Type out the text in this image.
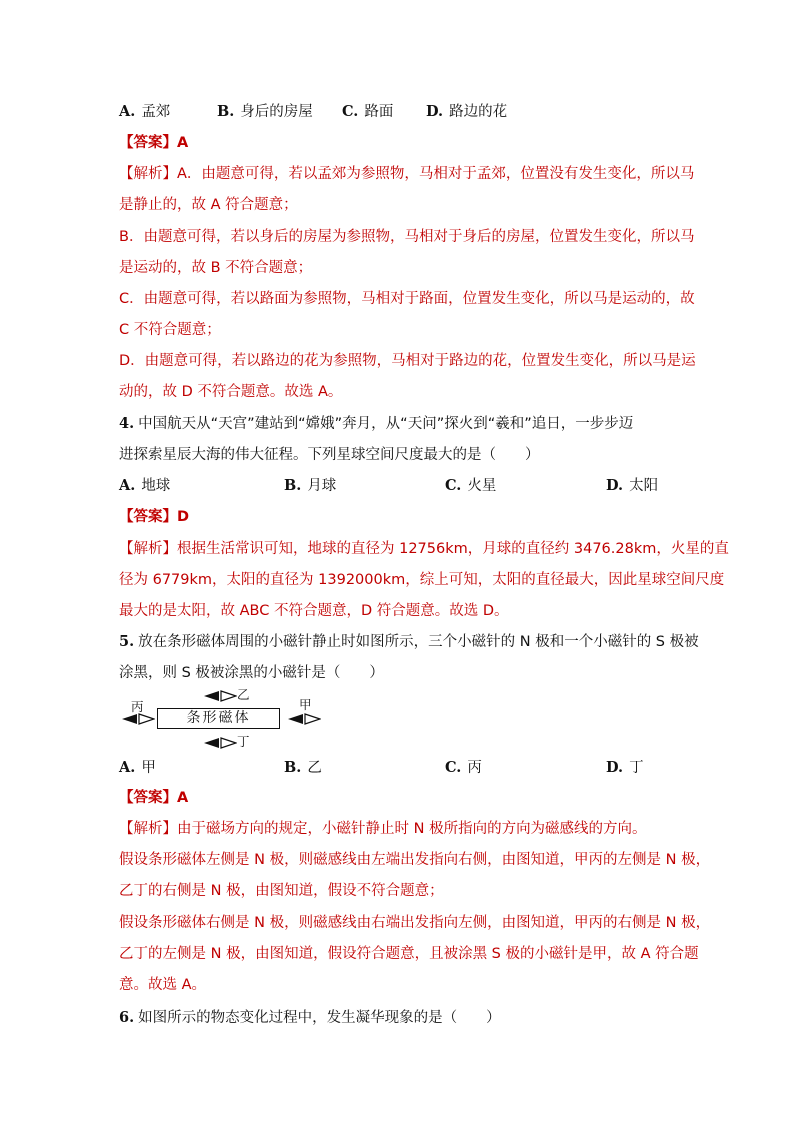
A. 孟郊	B. 身后的房屋 C. 路面 D. 路边的花
【答案】A
【解析】A．由题意可得，若以孟郊为参照物，马相对于孟郊，位置没有发生变化，所以马
是静止的，故 A 符合题意；
B．由题意可得，若以身后的房屋为参照物，马相对于身后的房屋，位置发生变化，所以马
是运动的，故 B 不符合题意；
C．由题意可得，若以路面为参照物，马相对于路面，位置发生变化，所以马是运动的，故
C 不符合题意；
D．由题意可得，若以路边的花为参照物，马相对于路边的花，位置发生变化，所以马是运
动的，故 D 不符合题意。故选 A。
4. 中国航天从“天宫”建站到“嫦娥”奔月，从“天问”探火到“羲和”追日，一步步迈
进探索星辰大海的伟大征程。下列星球空间尺度最大的是（　　）
A. 地球	B. 月球	C. 火星	D. 太阳
【答案】D
【解析】根据生活常识可知，地球的直径为 12756km，月球的直径约 3476.28km，火星的直
径为 6779km，太阳的直径为 1392000km，综上可知，太阳的直径最大，因此星球空间尺度
最大的是太阳，故 ABC 不符合题意，D 符合题意。故选 D。
5. 放在条形磁体周围的小磁针静止时如图所示，三个小磁针的 N 极和一个小磁针的 S 极被
涂黑，则 S 极被涂黑的小磁针是（　　）
条形磁体
乙
丙	甲
丁
A. 甲	B. 乙	C. 丙	D. 丁
【答案】A
【解析】由于磁场方向的规定，小磁针静止时 N 极所指向的方向为磁感线的方向。
假设条形磁体左侧是 N 极，则磁感线由左端出发指向右侧，由图知道，甲丙的左侧是 N 极，
乙丁的右侧是 N 极，由图知道，假设不符合题意；
假设条形磁体右侧是 N 极，则磁感线由右端出发指向左侧，由图知道，甲丙的右侧是 N 极，
乙丁的左侧是 N 极，由图知道，假设符合题意，且被涂黑 S 极的小磁针是甲，故 A 符合题
意。故选 A。
6. 如图所示的物态变化过程中，发生凝华现象的是（　　）
